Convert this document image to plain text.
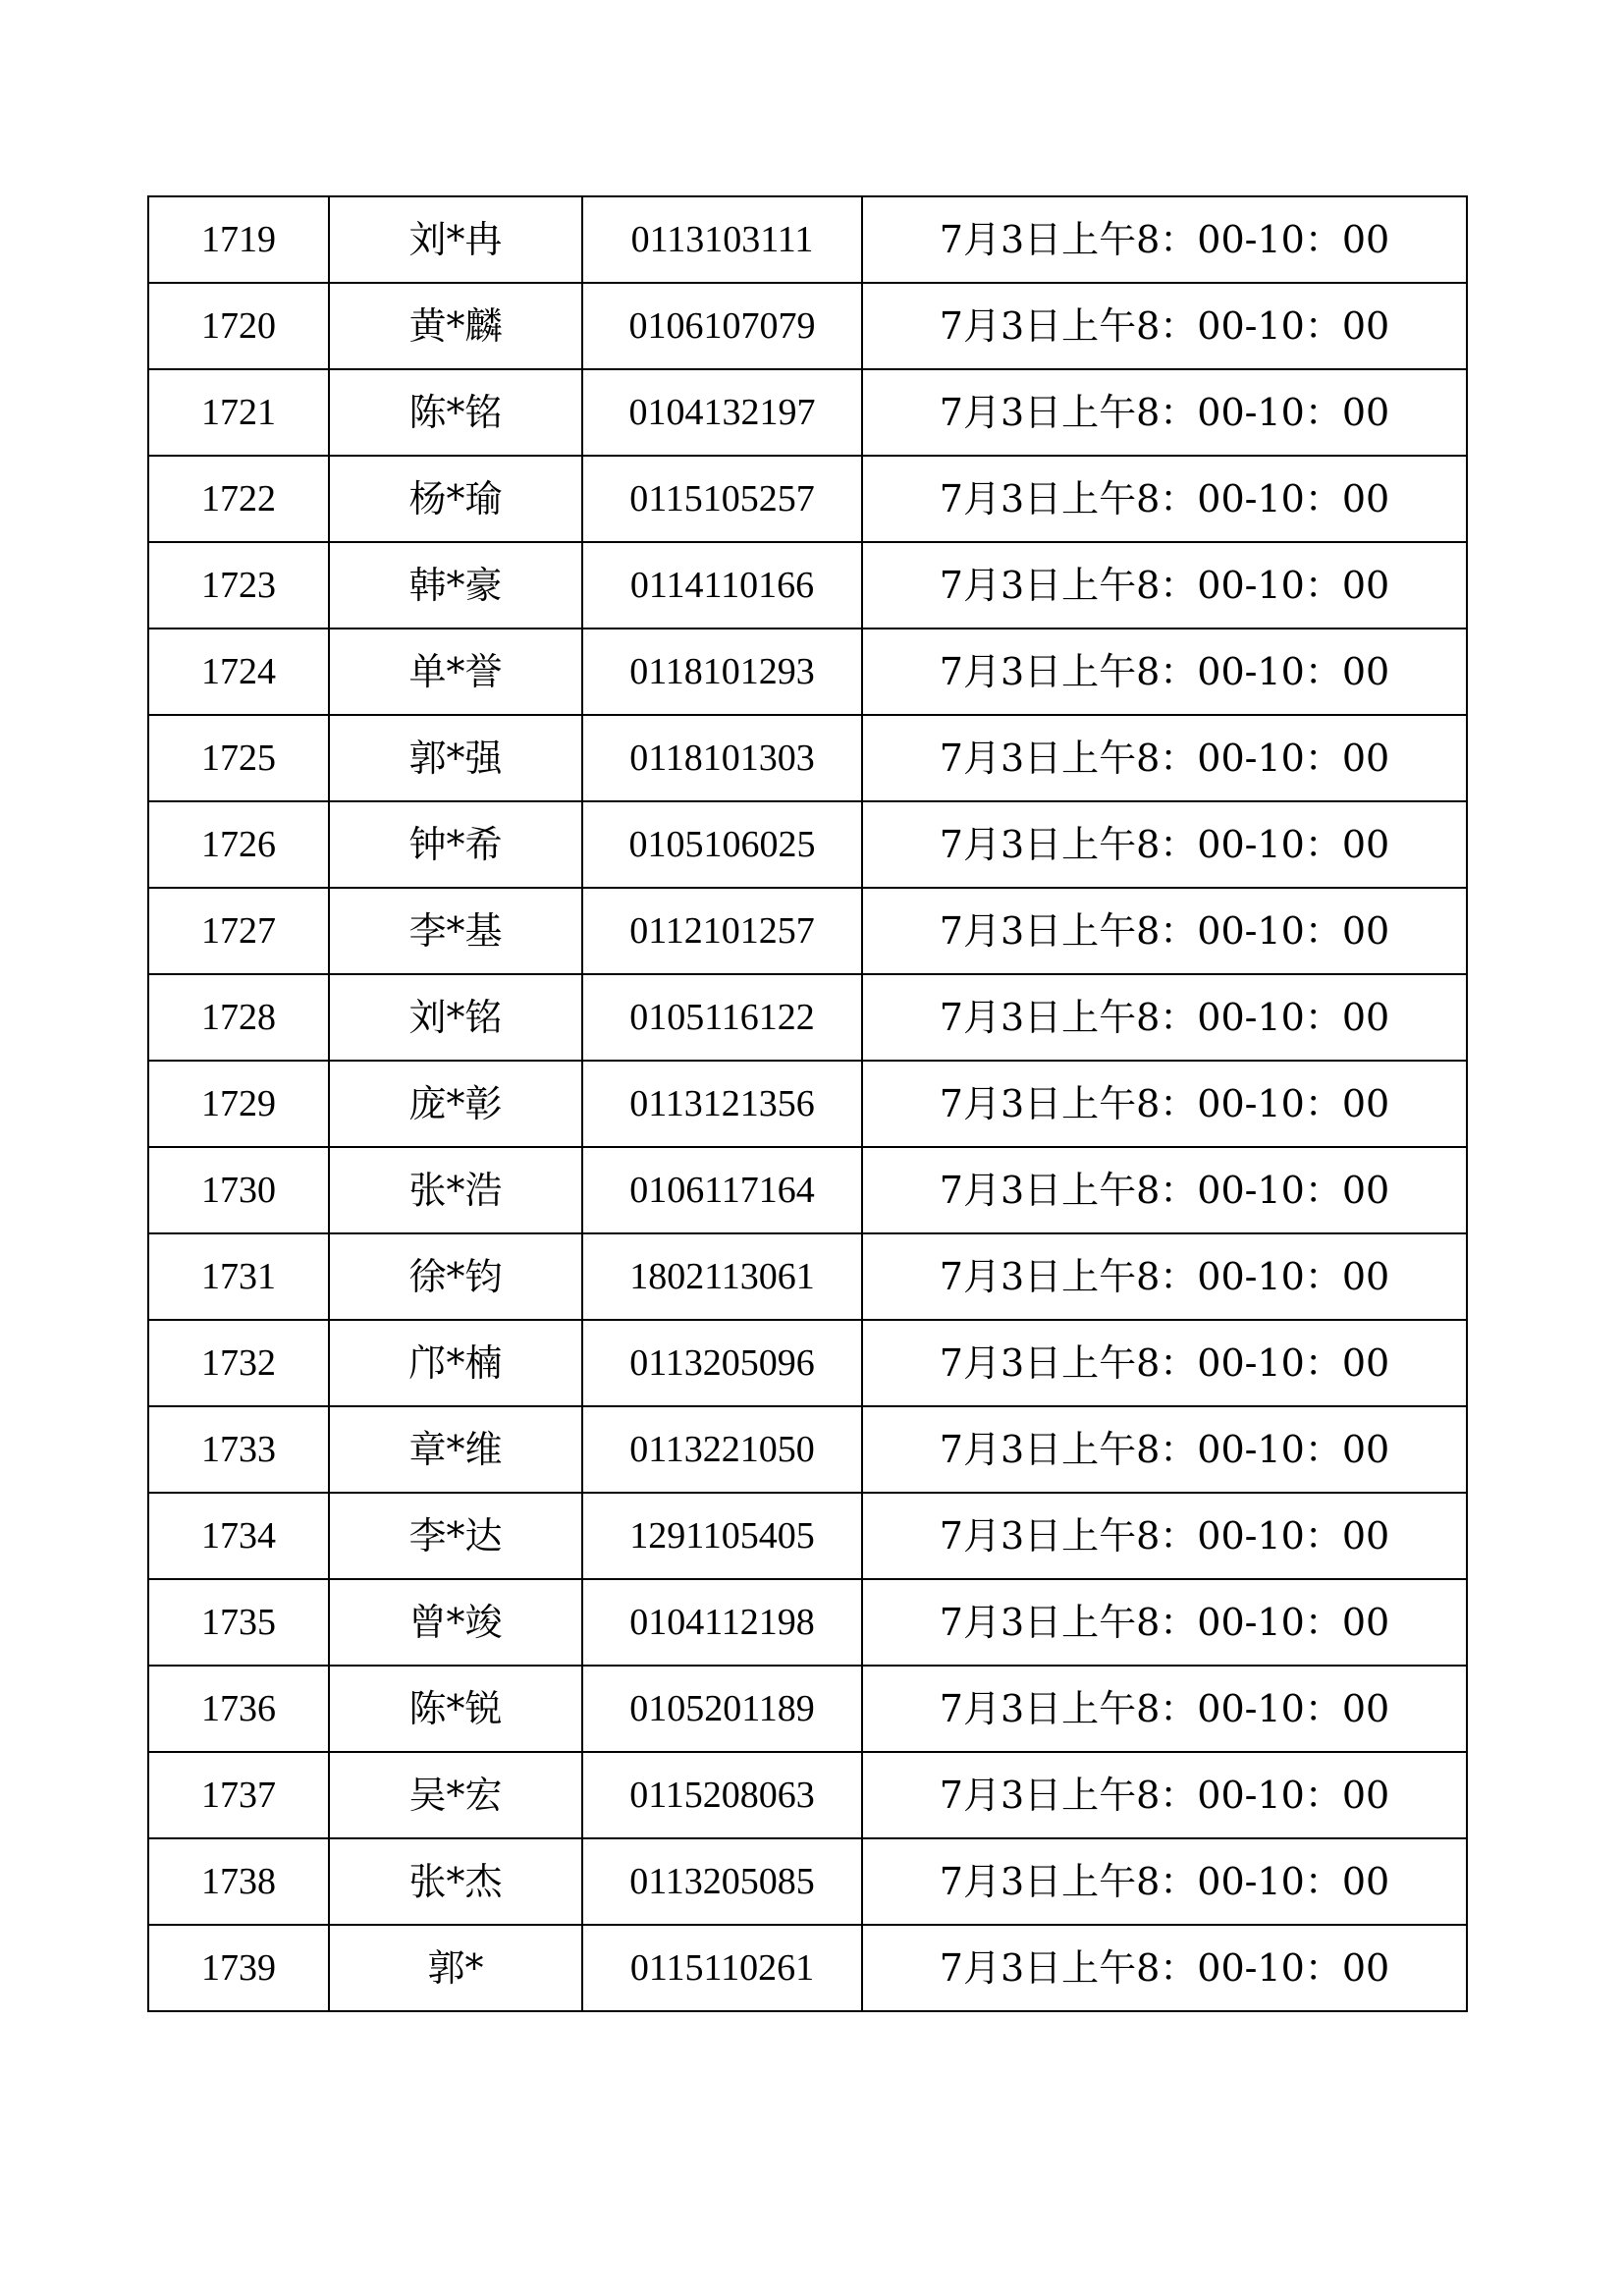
1719	刘*冉	0113103111	7月3日上午8：00-10：00
1720	黄*麟	0106107079	7月3日上午8：00-10：00
1721	陈*铭	0104132197	7月3日上午8：00-10：00
1722	杨*瑜	0115105257	7月3日上午8：00-10：00
1723	韩*豪	0114110166	7月3日上午8：00-10：00
1724	单*誉	0118101293	7月3日上午8：00-10：00
1725	郭*强	0118101303	7月3日上午8：00-10：00
1726	钟*希	0105106025	7月3日上午8：00-10：00
1727	李*基	0112101257	7月3日上午8：00-10：00
1728	刘*铭	0105116122	7月3日上午8：00-10：00
1729	庞*彰	0113121356	7月3日上午8：00-10：00
1730	张*浩	0106117164	7月3日上午8：00-10：00
1731	徐*钧	1802113061	7月3日上午8：00-10：00
1732	邝*楠	0113205096	7月3日上午8：00-10：00
1733	章*维	0113221050	7月3日上午8：00-10：00
1734	李*达	1291105405	7月3日上午8：00-10：00
1735	曾*竣	0104112198	7月3日上午8：00-10：00
1736	陈*锐	0105201189	7月3日上午8：00-10：00
1737	吴*宏	0115208063	7月3日上午8：00-10：00
1738	张*杰	0113205085	7月3日上午8：00-10：00
1739	郭*	0115110261	7月3日上午8：00-10：00
